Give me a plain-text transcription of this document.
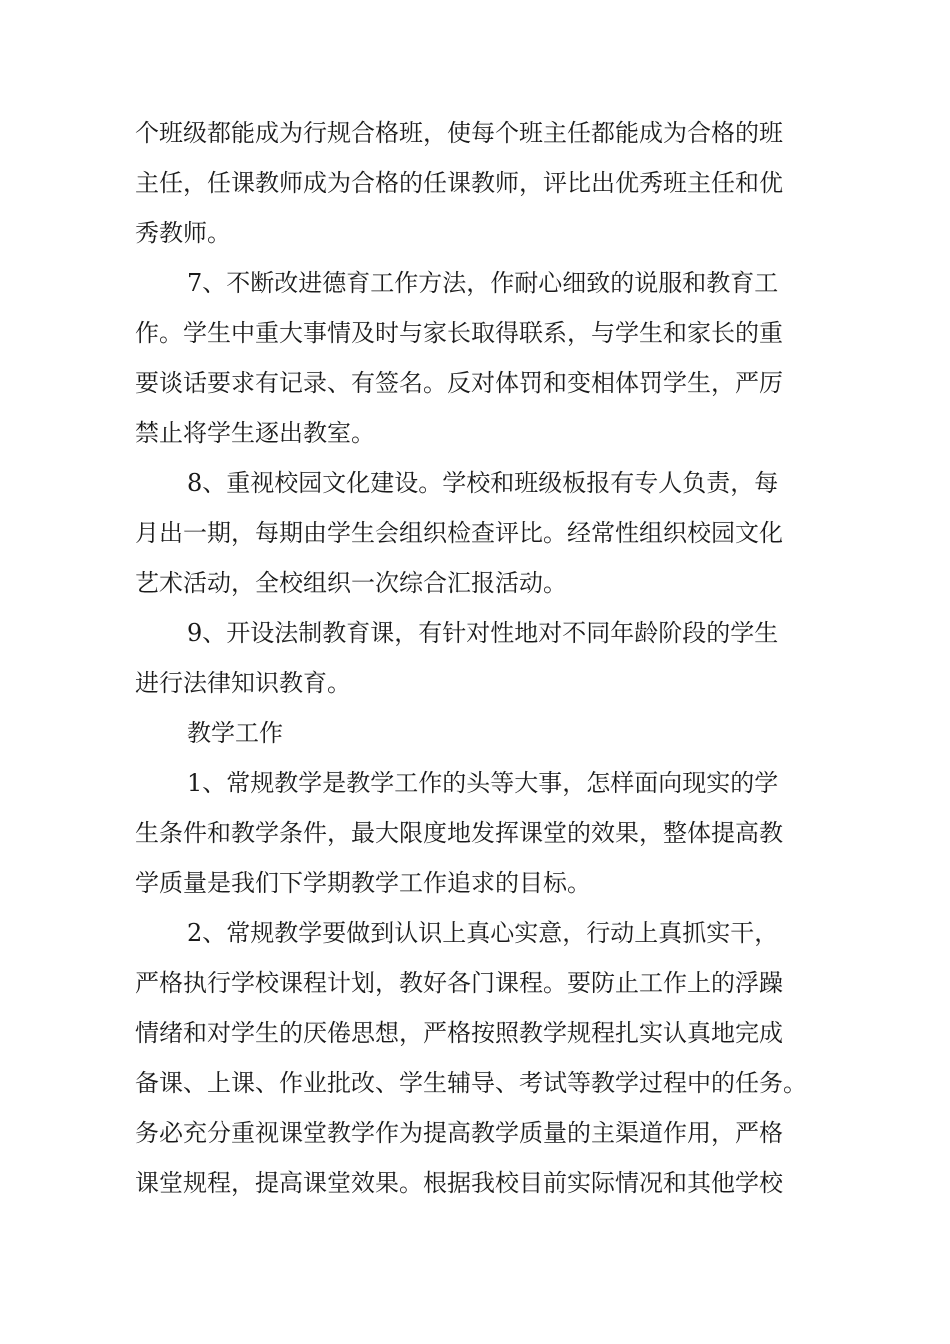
个班级都能成为行规合格班，使每个班主任都能成为合格的班
主任，任课教师成为合格的任课教师，评比出优秀班主任和优
秀教师。
7、不断改进德育工作方法，作耐心细致的说服和教育工
作。学生中重大事情及时与家长取得联系，与学生和家长的重
要谈话要求有记录、有签名。反对体罚和变相体罚学生，严厉
禁止将学生逐出教室。
8、重视校园文化建设。学校和班级板报有专人负责，每
月出一期，每期由学生会组织检查评比。经常性组织校园文化
艺术活动，全校组织一次综合汇报活动。
9、开设法制教育课，有针对性地对不同年龄阶段的学生
进行法律知识教育。
教学工作
1、常规教学是教学工作的头等大事，怎样面向现实的学
生条件和教学条件，最大限度地发挥课堂的效果，整体提高教
学质量是我们下学期教学工作追求的目标。
2、常规教学要做到认识上真心实意，行动上真抓实干，
严格执行学校课程计划，教好各门课程。要防止工作上的浮躁
情绪和对学生的厌倦思想，严格按照教学规程扎实认真地完成
备课、上课、作业批改、学生辅导、考试等教学过程中的任务。
务必充分重视课堂教学作为提高教学质量的主渠道作用，严格
课堂规程，提高课堂效果。根据我校目前实际情况和其他学校
